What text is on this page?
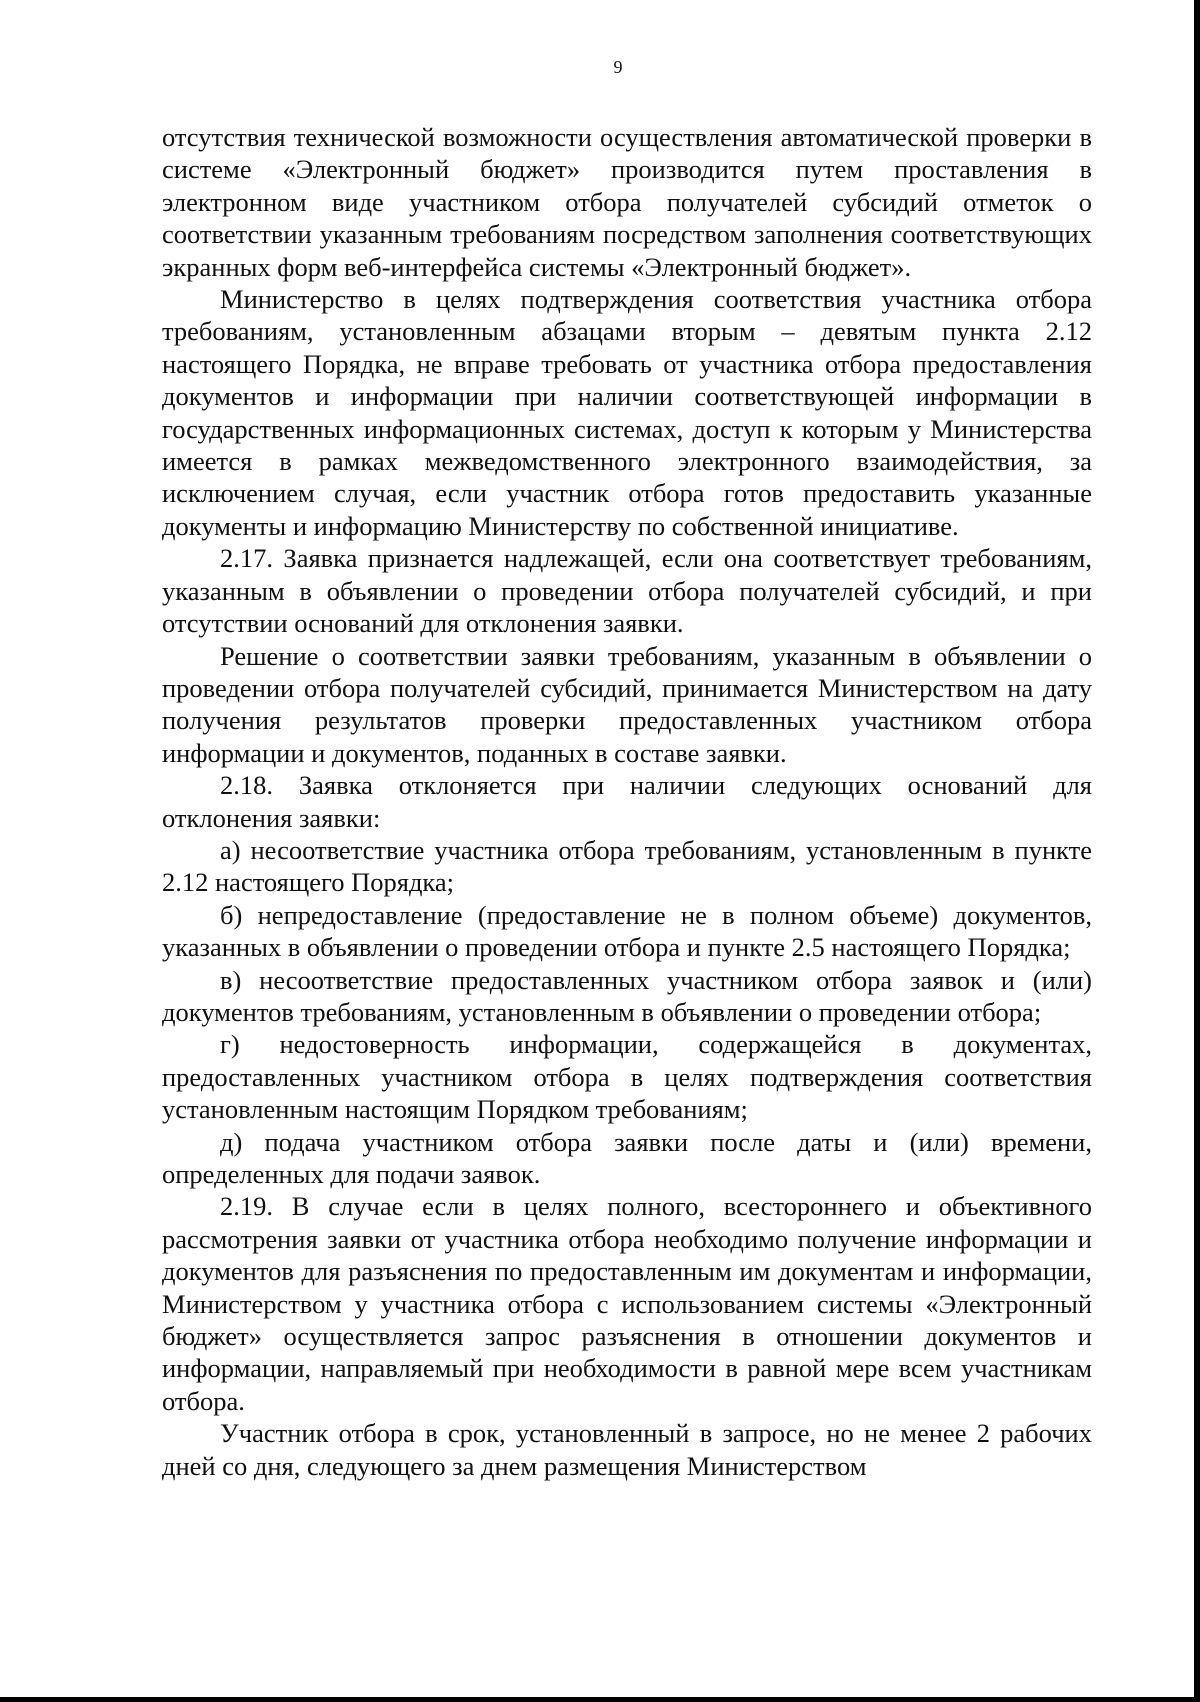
9

отсутствия технической возможности осуществления автоматической проверки в системе «Электронный бюджет» производится путем проставления в электронном виде участником отбора получателей субсидий отметок о соответствии указанным требованиям посредством заполнения соответствующих экранных форм веб-интерфейса системы «Электронный бюджет».

Министерство в целях подтверждения соответствия участника отбора требованиям, установленным абзацами вторым – девятым пункта 2.12 настоящего Порядка, не вправе требовать от участника отбора предоставления документов и информации при наличии соответствующей информации в государственных информационных системах, доступ к которым у Министерства имеется в рамках межведомственного электронного взаимодействия, за исключением случая, если участник отбора готов предоставить указанные документы и информацию Министерству по собственной инициативе.

2.17. Заявка признается надлежащей, если она соответствует требованиям, указанным в объявлении о проведении отбора получателей субсидий, и при отсутствии оснований для отклонения заявки.

Решение о соответствии заявки требованиям, указанным в объявлении о проведении отбора получателей субсидий, принимается Министерством на дату получения результатов проверки предоставленных участником отбора информации и документов, поданных в составе заявки.

2.18. Заявка отклоняется при наличии следующих оснований для отклонения заявки:

а) несоответствие участника отбора требованиям, установленным в пункте 2.12 настоящего Порядка;

б) непредоставление (предоставление не в полном объеме) документов, указанных в объявлении о проведении отбора и пункте 2.5 настоящего Порядка;

в) несоответствие предоставленных участником отбора заявок и (или) документов требованиям, установленным в объявлении о проведении отбора;

г) недостоверность информации, содержащейся в документах, предоставленных участником отбора в целях подтверждения соответствия установленным настоящим Порядком требованиям;

д) подача участником отбора заявки после даты и (или) времени, определенных для подачи заявок.

2.19. В случае если в целях полного, всестороннего и объективного рассмотрения заявки от участника отбора необходимо получение информации и документов для разъяснения по предоставленным им документам и информации, Министерством у участника отбора с использованием системы «Электронный бюджет» осуществляется запрос разъяснения в отношении документов и информации, направляемый при необходимости в равной мере всем участникам отбора.

Участник отбора в срок, установленный в запросе, но не менее 2 рабочих дней со дня, следующего за днем размещения Министерством
